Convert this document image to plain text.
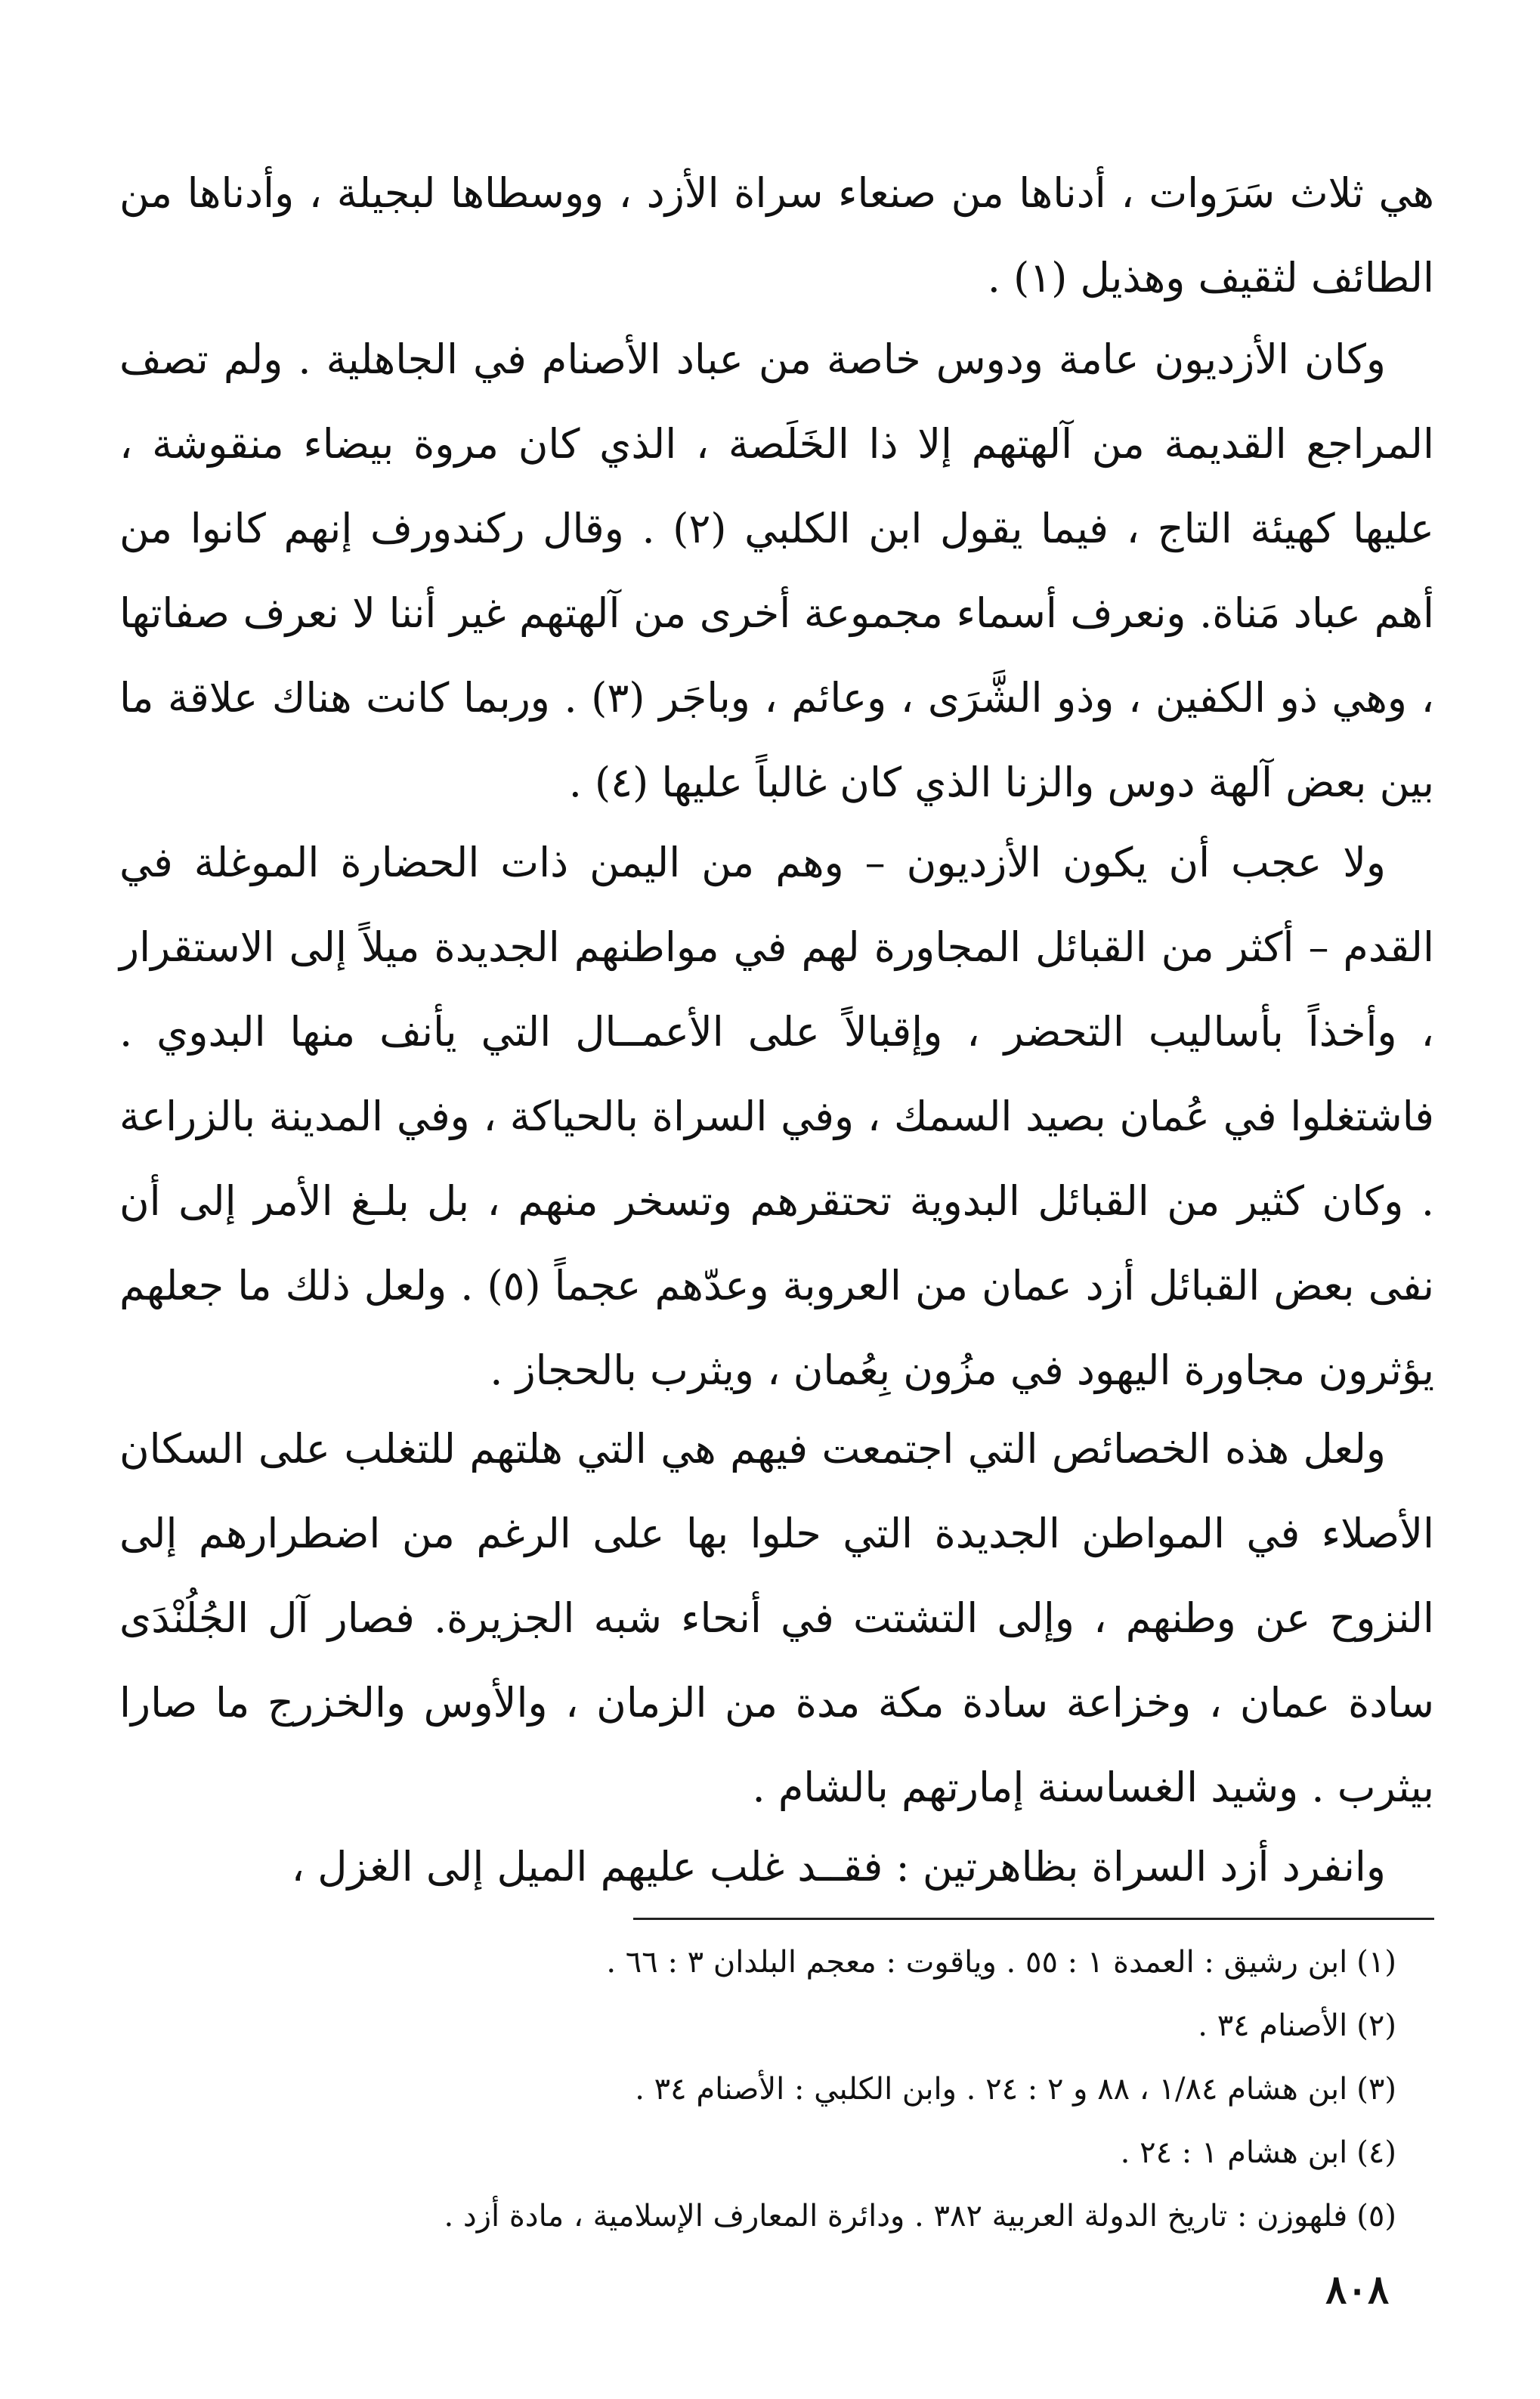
هي ثلاث سَرَوات ، أدناها من صنعاء سراة الأزد ، ووسطاها لبجيلة ، وأدناها من الطائف لثقيف وهذيل (١) .

وكان الأزديون عامة ودوس خاصة من عباد الأصنام في الجاهلية . ولم تصف المراجع القديمة من آلهتهم إلا ذا الخَلَصة ، الذي كان مروة بيضاء منقوشة ، عليها كهيئة التاج ، فيما يقول ابن الكلبي (٢) . وقال ركندورف إنهم كانوا من أهم عباد مَناة. ونعرف أسماء مجموعة أخرى من آلهتهم غير أننا لا نعرف صفاتها ، وهي ذو الكفين ، وذو الشَّرَى ، وعائم ، وباجَر (٣) . وربما كانت هناك علاقة ما بين بعض آلهة دوس والزنا الذي كان غالباً عليها (٤) .

ولا عجب أن يكون الأزديون – وهم من اليمن ذات الحضارة الموغلة في القدم – أكثر من القبائل المجاورة لهم في مواطنهم الجديدة ميلاً إلى الاستقرار ، وأخذاً بأساليب التحضر ، وإقبالاً على الأعمــال التي يأنف منها البدوي . فاشتغلوا في عُمان بصيد السمك ، وفي السراة بالحياكة ، وفي المدينة بالزراعة . وكان كثير من القبائل البدوية تحتقرهم وتسخر منهم ، بل بلـغ الأمر إلى أن نفى بعض القبائل أزد عمان من العروبة وعدّهم عجماً (٥) . ولعل ذلك ما جعلهم يؤثرون مجاورة اليهود في مزُون بِعُمان ، ويثرب بالحجاز .

ولعل هذه الخصائص التي اجتمعت فيهم هي التي هلتهم للتغلب على السكان الأصلاء في المواطن الجديدة التي حلوا بها على الرغم من اضطرارهم إلى النزوح عن وطنهم ، وإلى التشتت في أنحاء شبه الجزيرة. فصار آل الجُلُنْدَى سادة عمان ، وخزاعة سادة مكة مدة من الزمان ، والأوس والخزرج ما صارا بيثرب . وشيد الغساسنة إمارتهم بالشام .

وانفرد أزد السراة بظاهرتين : فقــد غلب عليهم الميل إلى الغزل ،

(١)ابن رشيق : العمدة ١ : ٥٥ . وياقوت : معجم البلدان ٣ : ٦٦ .

(٢)الأصنام ٣٤ .

(٣)ابن هشام ١/٨٤ ، ٨٨ و ٢ : ٢٤ . وابن الكلبي : الأصنام ٣٤ .

(٤)ابن هشام ١ : ٢٤ .

(٥)فلهوزن : تاريخ الدولة العربية ٣٨٢ . ودائرة المعارف الإسلامية ، مادة أزد .

٨٠٨
